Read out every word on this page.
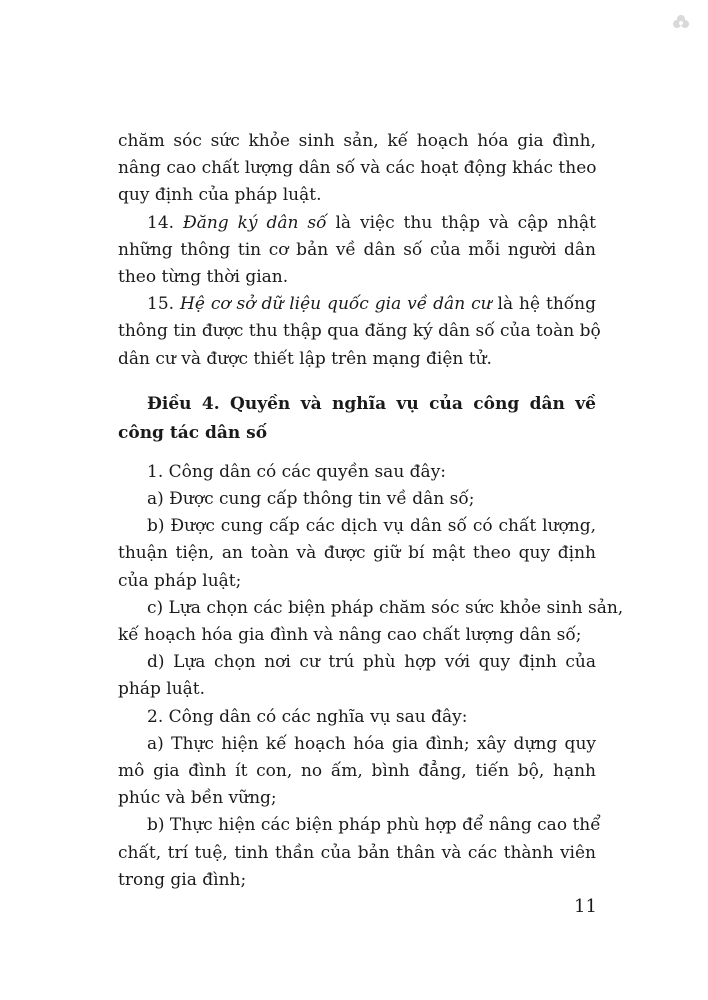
chăm sóc sức khỏe sinh sản, kế hoạch hóa gia đình,

nâng cao chất lượng dân số và các hoạt động khác theo

quy định của pháp luật.

14. Đăng ký dân số là việc thu thập và cập nhật

những thông tin cơ bản về dân số của mỗi người dân

theo từng thời gian.

15. Hệ cơ sở dữ liệu quốc gia về dân cư là hệ thống

thông tin được thu thập qua đăng ký dân số của toàn bộ

dân cư và được thiết lập trên mạng điện tử.

Điều 4. Quyền và nghĩa vụ của công dân về
công tác dân số

1. Công dân có các quyền sau đây:

a) Được cung cấp thông tin về dân số;

b) Được cung cấp các dịch vụ dân số có chất lượng,

thuận tiện, an toàn và được giữ bí mật theo quy định

của pháp luật;

c) Lựa chọn các biện pháp chăm sóc sức khỏe sinh sản,

kế hoạch hóa gia đình và nâng cao chất lượng dân số;

d) Lựa chọn nơi cư trú phù hợp với quy định của

pháp luật.

2. Công dân có các nghĩa vụ sau đây:

a) Thực hiện kế hoạch hóa gia đình; xây dựng quy

mô gia đình ít con, no ấm, bình đẳng, tiến bộ, hạnh

phúc và bền vững;

b) Thực hiện các biện pháp phù hợp để nâng cao thể

chất, trí tuệ, tinh thần của bản thân và các thành viên

trong gia đình;

11
